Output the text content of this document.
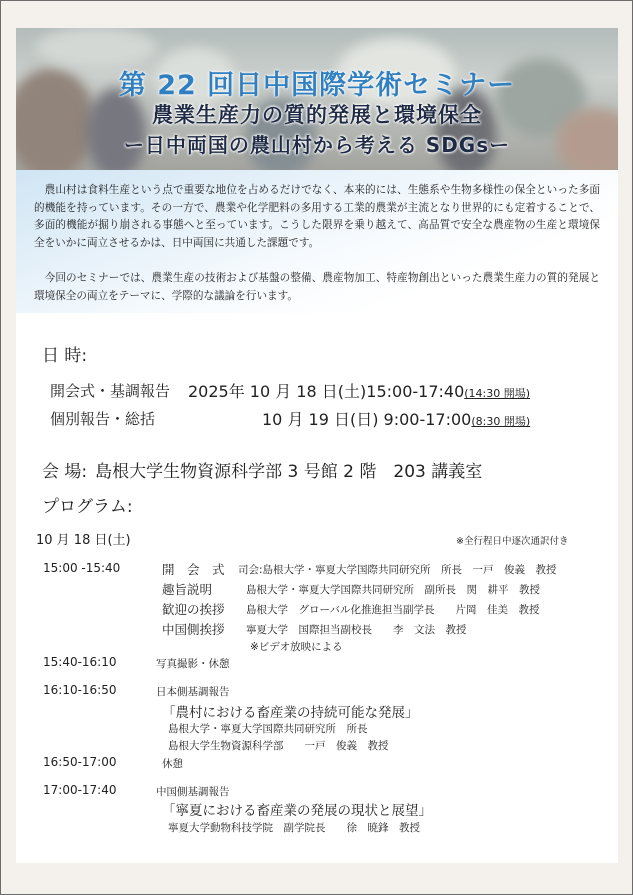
第 22 回日中国際学術セミナー
農業生産力の質的発展と環境保全
ー日中両国の農山村から考える SDGsー

　農山村は食料生産という点で重要な地位を占めるだけでなく、本来的には、生態系や生物多様性の保全といった多面的機能を持っています。その一方で、農業や化学肥料の多用する工業的農業が主流となり世界的にも定着することで、多面的機能が掘り崩される事態へと至っています。こうした限界を乗り越えて、高品質で安全な農産物の生産と環境保全をいかに両立させるかは、日中両国に共通した課題です。

　今回のセミナーでは、農業生産の技術および基盤の整備、農産物加工、特産物創出といった農業生産力の質的発展と環境保全の両立をテーマに、学際的な議論を行います。

日 時:
開会式・基調報告 2025年 10 月 18 日(土)15:00-17:40(14:30 開場)
個別報告・総括	10 月 19 日(日) 9:00-17:00(8:30 開場)
会 場: 島根大学生物資源科学部 3 号館 2 階　203 講義室
プログラム:
10 月 18 日(土)	※全行程日中逐次通訳付き
15:00 -15:40	開　会　式 司会:島根大学・寧夏大学国際共同研究所　所長　一戸　俊義　教授
趣旨説明	島根大学・寧夏大学国際共同研究所　副所長　関　耕平　教授
歓迎の挨拶 島根大学　グローバル化推進担当副学長　　片岡　佳美　教授
中国側挨拶 寧夏大学　国際担当副校長　　李　文法　教授
※ビデオ放映による
15:40-16:10	写真撮影・休憩
16:10-16:50	日本側基調報告
「農村における畜産業の持続可能な発展」
島根大学・寧夏大学国際共同研究所　所長
島根大学生物資源科学部　　一戸　俊義　教授
16:50-17:00	休憩
17:00-17:40	中国側基調報告
「寧夏における畜産業の発展の現状と展望」
寧夏大学動物科技学院　副学院長　　徐　暁鋒　教授
